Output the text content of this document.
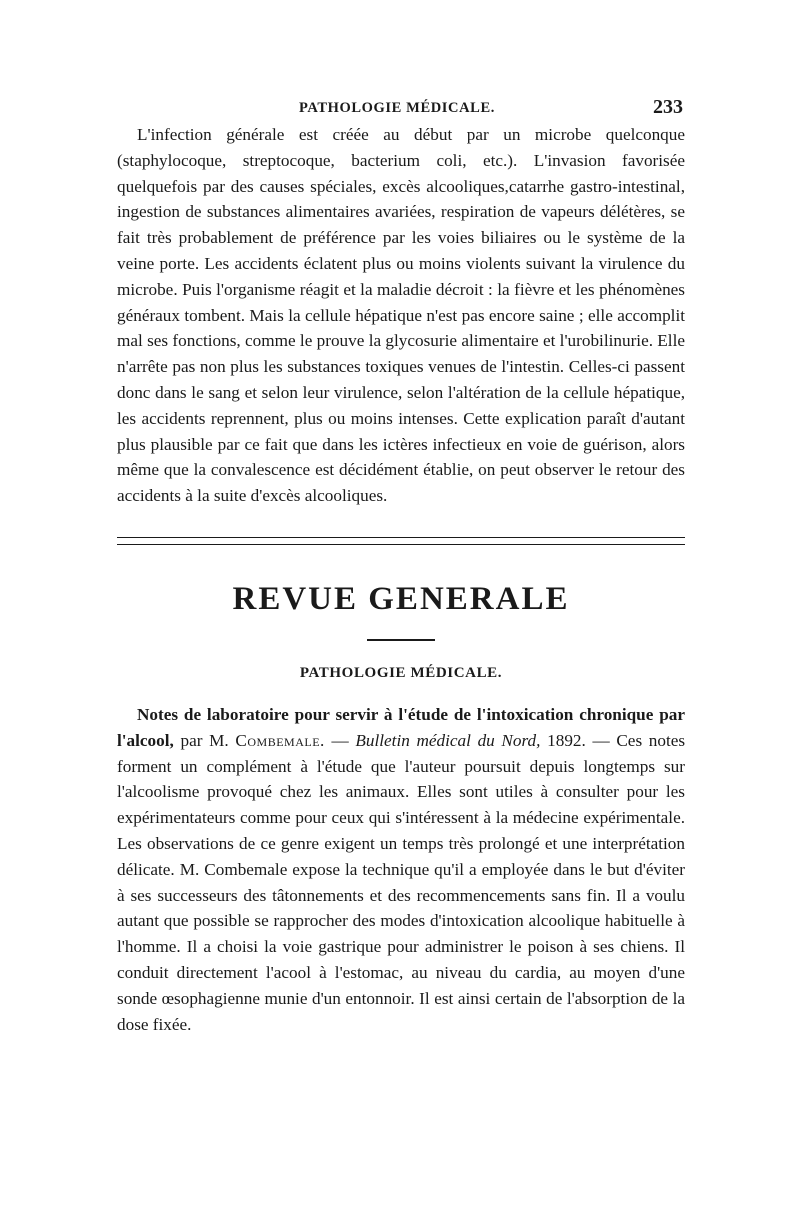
PATHOLOGIE MÉDICALE.	233

L'infection générale est créée au début par un microbe quelconque (staphylocoque, streptocoque, bacterium coli, etc.). L'invasion favorisée quelquefois par des causes spéciales, excès alcooliques,catarrhe gastro-intestinal, ingestion de substances alimentaires avariées, respiration de vapeurs délétères, se fait très probablement de préférence par les voies biliaires ou le système de la veine porte. Les accidents éclatent plus ou moins violents suivant la virulence du microbe. Puis l'organisme réagit et la maladie décroit : la fièvre et les phénomènes généraux tombent. Mais la cellule hépatique n'est pas encore saine ; elle accomplit mal ses fonctions, comme le prouve la glycosurie alimentaire et l'urobilinurie. Elle n'arrête pas non plus les substances toxiques venues de l'intestin. Celles-ci passent donc dans le sang et selon leur virulence, selon l'altération de la cellule hépatique, les accidents reprennent, plus ou moins intenses. Cette explication paraît d'autant plus plausible par ce fait que dans les ictères infectieux en voie de guérison, alors même que la convalescence est décidément établie, on peut observer le retour des accidents à la suite d'excès alcooliques.

REVUE GENERALE
PATHOLOGIE MÉDICALE.

Notes de laboratoire pour servir à l'étude de l'intoxication chronique par l'alcool, par M. Combemale. — Bulletin médical du Nord, 1892. — Ces notes forment un complément à l'étude que l'auteur poursuit depuis longtemps sur l'alcoolisme provoqué chez les animaux. Elles sont utiles à consulter pour les expérimentateurs comme pour ceux qui s'intéressent à la médecine expérimentale. Les observations de ce genre exigent un temps très prolongé et une interprétation délicate. M. Combemale expose la technique qu'il a employée dans le but d'éviter à ses successeurs des tâtonnements et des recommencements sans fin. Il a voulu autant que possible se rapprocher des modes d'intoxication alcoolique habituelle à l'homme. Il a choisi la voie gastrique pour administrer le poison à ses chiens. Il conduit directement l'acool à l'estomac, au niveau du cardia, au moyen d'une sonde œsophagienne munie d'un entonnoir. Il est ainsi certain de l'absorption de la dose fixée.
